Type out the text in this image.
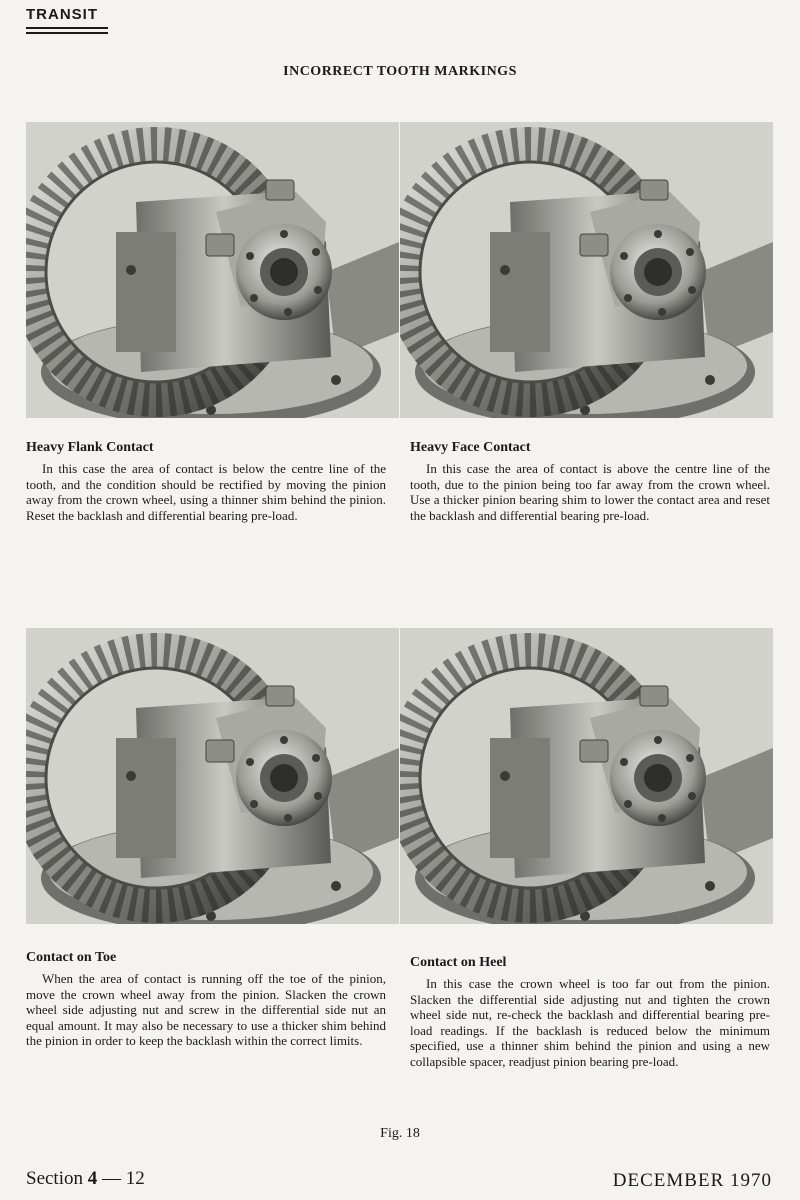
TRANSIT
INCORRECT TOOTH MARKINGS
Heavy Flank Contact

In this case the area of contact is below the centre line of the tooth, and the condition should be rectified by moving the pinion away from the crown wheel, using a thinner shim behind the pinion. Reset the backlash and differential bearing pre-load.

Heavy Face Contact

In this case the area of contact is above the centre line of the tooth, due to the pinion being too far away from the crown wheel. Use a thicker pinion bearing shim to lower the contact area and reset the backlash and differential bearing pre-load.

Contact on Toe

When the area of contact is running off the toe of the pinion, move the crown wheel away from the pinion. Slacken the crown wheel side adjusting nut and screw in the differential side nut an equal amount. It may also be necessary to use a thicker shim behind the pinion in order to keep the backlash within the correct limits.

Contact on Heel

In this case the crown wheel is too far out from the pinion. Slacken the differential side adjusting nut and tighten the crown wheel side nut, re-check the backlash and differential bearing pre-load readings. If the backlash is reduced below the minimum specified, use a thinner shim behind the pinion and using a new collapsible spacer, readjust pinion bearing pre-load.

Fig. 18
Section 4 — 12	DECEMBER 1970
